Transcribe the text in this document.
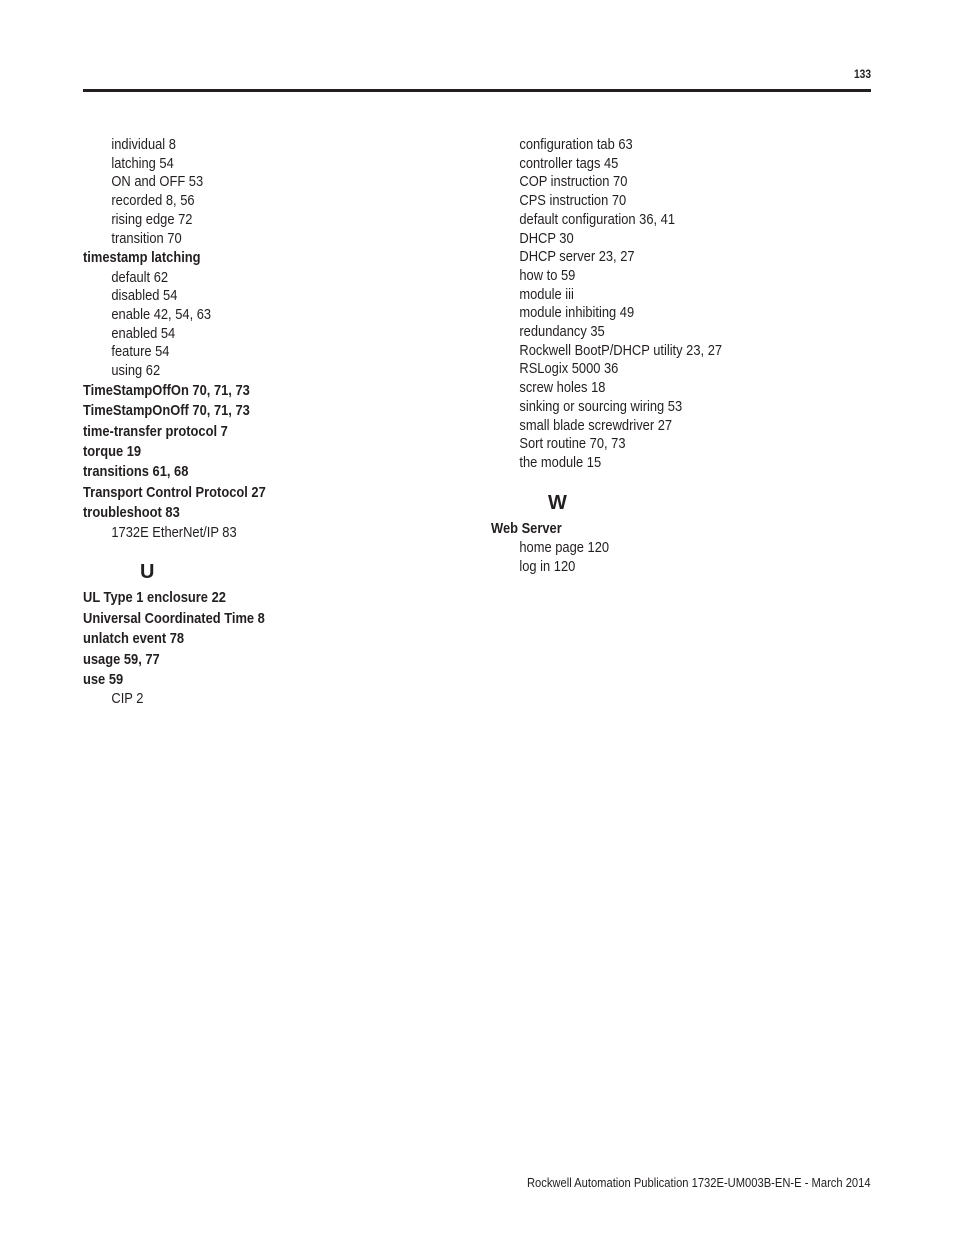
133
individual 8
latching 54
ON and OFF 53
recorded 8, 56
rising edge 72
transition 70
timestamp latching
default 62
disabled 54
enable 42, 54, 63
enabled 54
feature 54
using 62
TimeStampOffOn 70, 71, 73
TimeStampOnOff 70, 71, 73
time-transfer protocol 7
torque 19
transitions 61, 68
Transport Control Protocol 27
troubleshoot 83
1732E EtherNet/IP 83
U
UL Type 1 enclosure 22
Universal Coordinated Time 8
unlatch event 78
usage 59, 77
use 59
CIP 2
configuration tab 63
controller tags 45
COP instruction 70
CPS instruction 70
default configuration 36, 41
DHCP 30
DHCP server 23, 27
how to 59
module iii
module inhibiting 49
redundancy 35
Rockwell BootP/DHCP utility 23, 27
RSLogix 5000 36
screw holes 18
sinking or sourcing wiring 53
small blade screwdriver 27
Sort routine 70, 73
the module 15
W
Web Server
home page 120
log in 120
Rockwell Automation Publication 1732E-UM003B-EN-E - March 2014
